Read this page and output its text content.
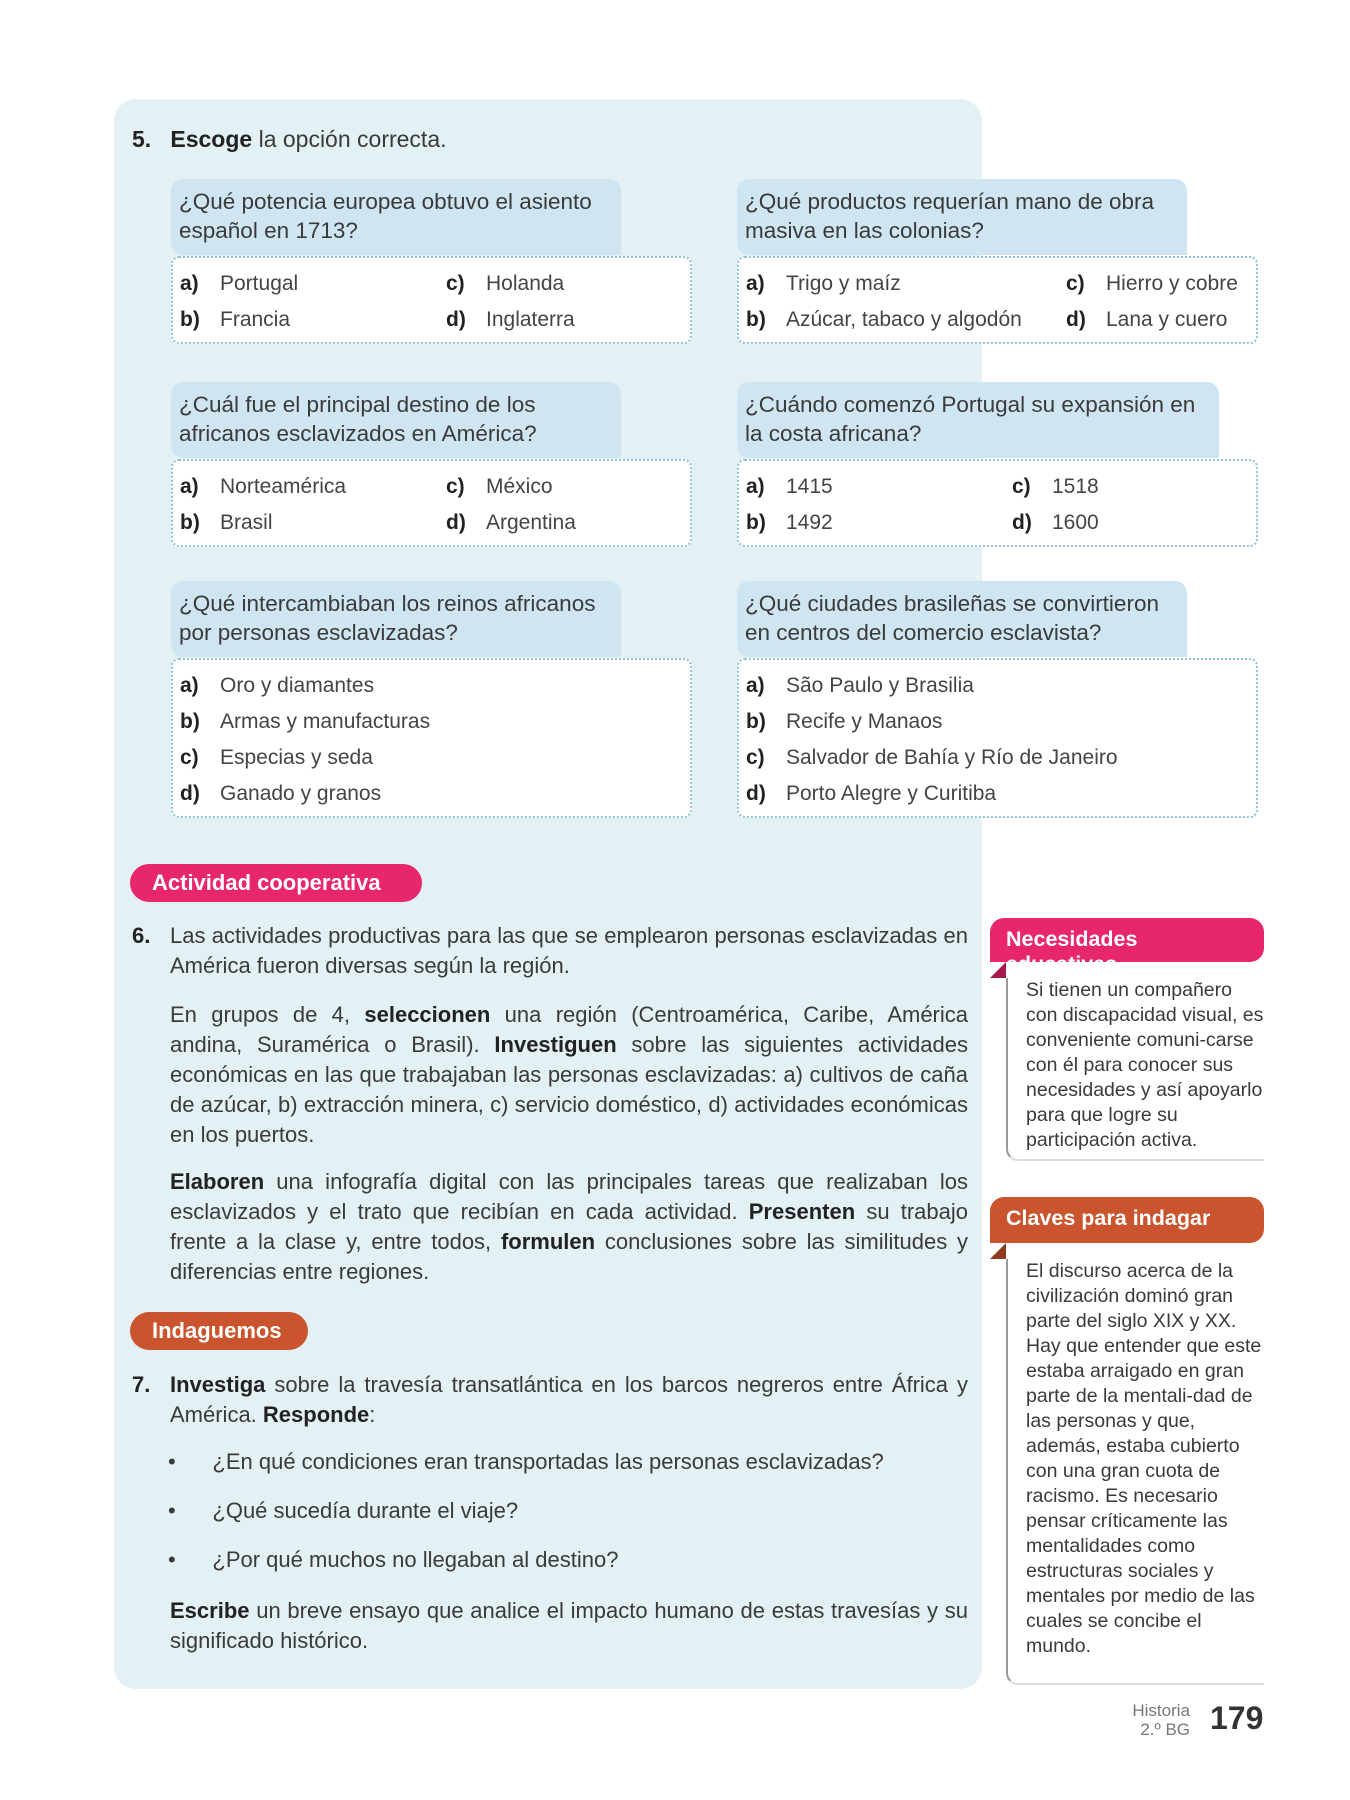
5. Escoge la opción correcta.
¿Qué potencia europea obtuvo el asiento español en 1713?
a) Portugal
b) Francia
c) Holanda
d) Inglaterra
¿Qué productos requerían mano de obra masiva en las colonias?
a) Trigo y maíz
b) Azúcar, tabaco y algodón
c) Hierro y cobre
d) Lana y cuero
¿Cuál fue el principal destino de los africanos esclavizados en América?
a) Norteamérica
b) Brasil
c) México
d) Argentina
¿Cuándo comenzó Portugal su expansión en la costa africana?
a) 1415
b) 1492
c) 1518
d) 1600
¿Qué intercambiaban los reinos africanos por personas esclavizadas?
a) Oro y diamantes
b) Armas y manufacturas
c) Especias y seda
d) Ganado y granos
¿Qué ciudades brasileñas se convirtieron en centros del comercio esclavista?
a) São Paulo y Brasilia
b) Recife y Manaos
c) Salvador de Bahía y Río de Janeiro
d) Porto Alegre y Curitiba
Actividad cooperativa
6. Las actividades productivas para las que se emplearon personas esclavizadas en América fueron diversas según la región.
En grupos de 4, seleccionen una región (Centroamérica, Caribe, América andina, Suramérica o Brasil). Investiguen sobre las siguientes actividades económicas en las que trabajaban las personas esclavizadas: a) cultivos de caña de azúcar, b) extracción minera, c) servicio doméstico, d) actividades económicas en los puertos.
Elaboren una infografía digital con las principales tareas que realizaban los esclavizados y el trato que recibían en cada actividad. Presenten su trabajo frente a la clase y, entre todos, formulen conclusiones sobre las similitudes y diferencias entre regiones.
Indaguemos
7. Investiga sobre la travesía transatlántica en los barcos negreros entre África y América. Responde:
•      ¿En qué condiciones eran transportadas las personas esclavizadas?
•      ¿Qué sucedía durante el viaje?
•      ¿Por qué muchos no llegaban al destino?
Escribe un breve ensayo que analice el impacto humano de estas travesías y su significado histórico.
Necesidades educativas
Si tienen un compañero con discapacidad visual, es conveniente comuni-carse con él para conocer sus necesidades y así apoyarlo para que logre su participación activa.
Claves para indagar
El discurso acerca de la civilización dominó gran parte del siglo XIX y XX. Hay que entender que este estaba arraigado en gran parte de la mentali-dad de las personas y que, además, estaba cubierto con una gran cuota de racismo. Es necesario pensar críticamente las mentalidades como estructuras sociales y mentales por medio de las cuales se concibe el mundo.
Historia
2.º BG 179
